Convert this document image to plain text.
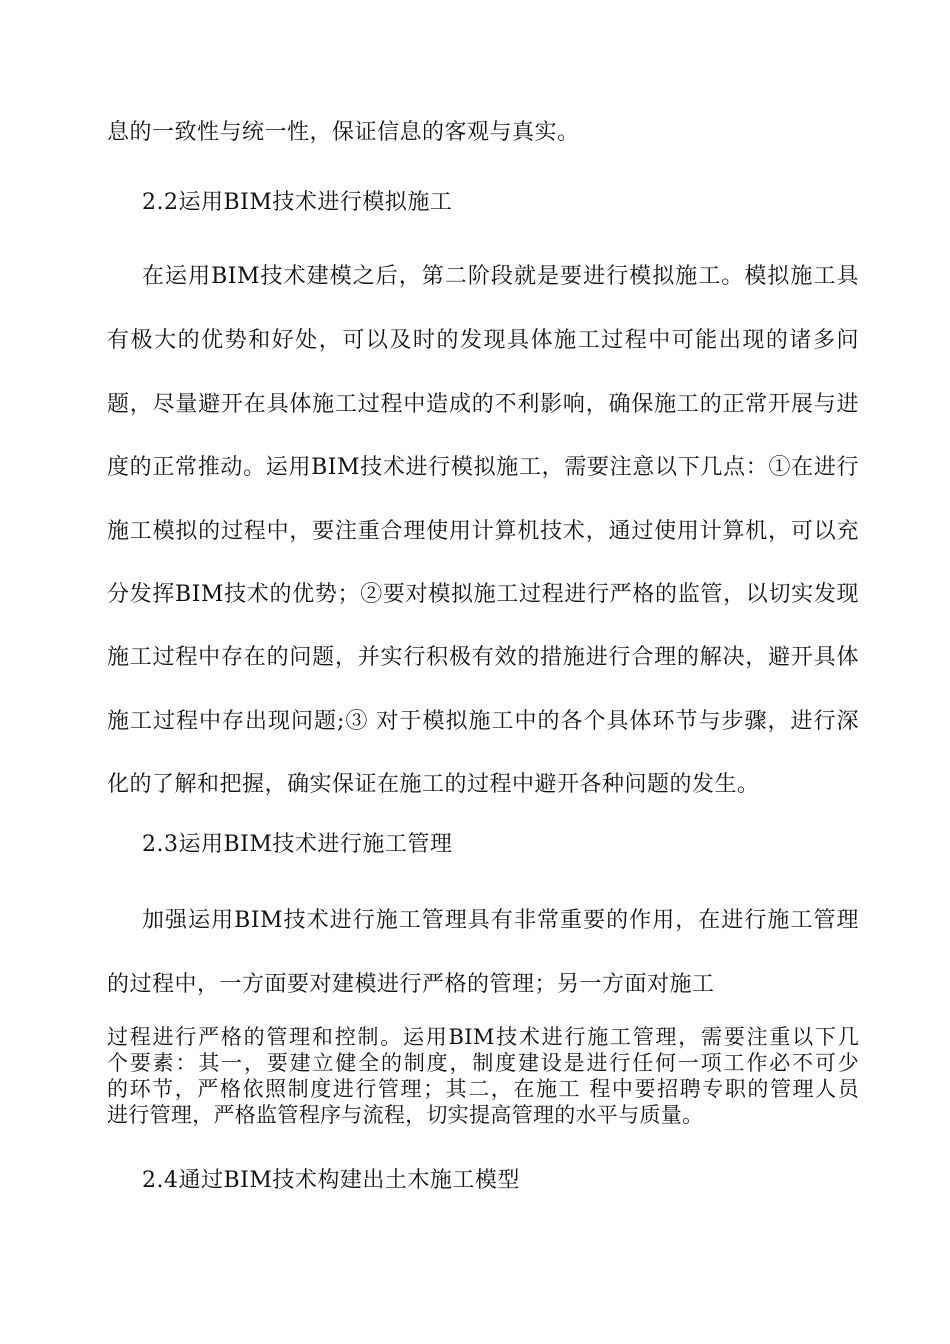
息的一致性与统一性，保证信息的客观与真实。

2.2运用BIM技术进行模拟施工

在运用BIM技术建模之后，第二阶段就是要进行模拟施工。模拟施工具

有极大的优势和好处，可以及时的发现具体施工过程中可能出现的诸多问

题，尽量避开在具体施工过程中造成的不利影响，确保施工的正常开展与进

度的正常推动。运用BIM技术进行模拟施工，需要注意以下几点：①在进行

施工模拟的过程中，要注重合理使用计算机技术，通过使用计算机，可以充

分发挥BIM技术的优势；②要对模拟施工过程进行严格的监管，以切实发现

施工过程中存在的问题，并实行积极有效的措施进行合理的解决，避开具体

施工过程中存出现问题;③ 对于模拟施工中的各个具体环节与步骤，进行深

化的了解和把握，确实保证在施工的过程中避开各种问题的发生。

2.3运用BIM技术进行施工管理

加强运用BIM技术进行施工管理具有非常重要的作用，在进行施工管理

的过程中，一方面要对建模进行严格的管理；另一方面对施工

过程进行严格的管理和控制。运用BIM技术进行施工管理，需要注重以下几

个要素：其一，要建立健全的制度，制度建设是进行任何一项工作必不可少

的环节，严格依照制度进行管理；其二，在施工 程中要招聘专职的管理人员

进行管理，严格监管程序与流程，切实提高管理的水平与质量。

2.4通过BIM技术构建出土木施工模型
